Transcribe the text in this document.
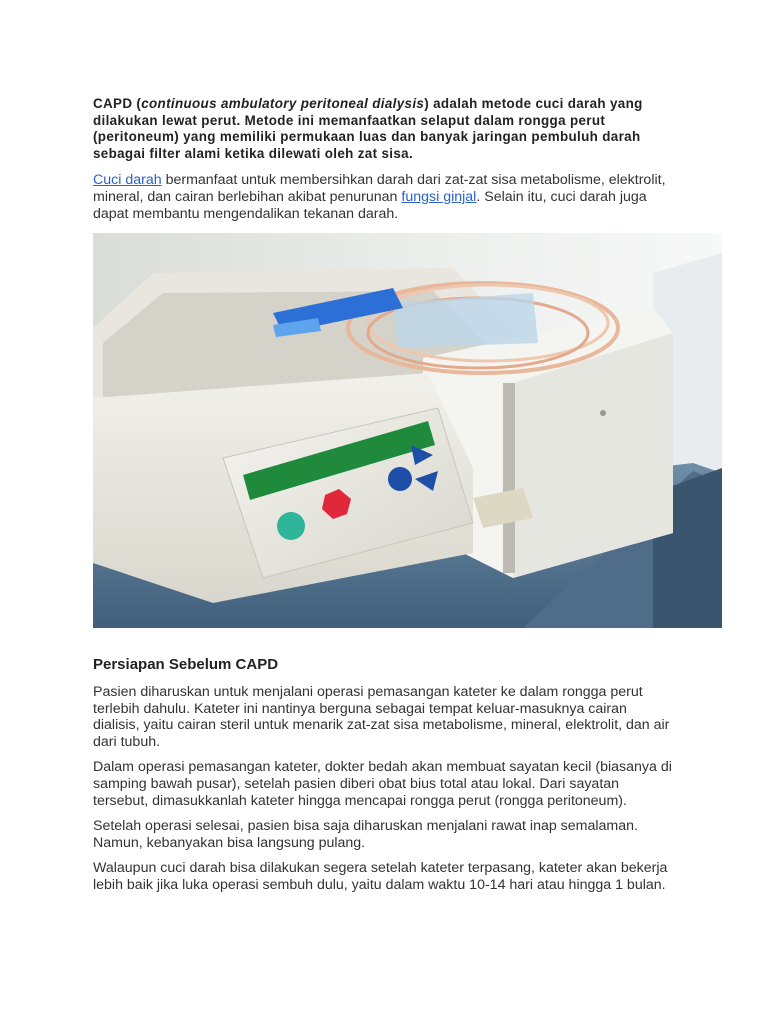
CAPD (continuous ambulatory peritoneal dialysis) adalah metode cuci darah yang dilakukan lewat perut. Metode ini memanfaatkan selaput dalam rongga perut (peritoneum) yang memiliki permukaan luas dan banyak jaringan pembuluh darah sebagai filter alami ketika dilewati oleh zat sisa.

Cuci darah bermanfaat untuk membersihkan darah dari zat-zat sisa metabolisme, elektrolit, mineral, dan cairan berlebihan akibat penurunan fungsi ginjal. Selain itu, cuci darah juga dapat membantu mengendalikan tekanan darah.

Persiapan Sebelum CAPD

Pasien diharuskan untuk menjalani operasi pemasangan kateter ke dalam rongga perut terlebih dahulu. Kateter ini nantinya berguna sebagai tempat keluar-masuknya cairan dialisis, yaitu cairan steril untuk menarik zat-zat sisa metabolisme, mineral, elektrolit, dan air dari tubuh.

Dalam operasi pemasangan kateter, dokter bedah akan membuat sayatan kecil (biasanya di samping bawah pusar), setelah pasien diberi obat bius total atau lokal. Dari sayatan tersebut, dimasukkanlah kateter hingga mencapai rongga perut (rongga peritoneum).

Setelah operasi selesai, pasien bisa saja diharuskan menjalani rawat inap semalaman. Namun, kebanyakan bisa langsung pulang.

Walaupun cuci darah bisa dilakukan segera setelah kateter terpasang, kateter akan bekerja lebih baik jika luka operasi sembuh dulu, yaitu dalam waktu 10-14 hari atau hingga 1 bulan.
